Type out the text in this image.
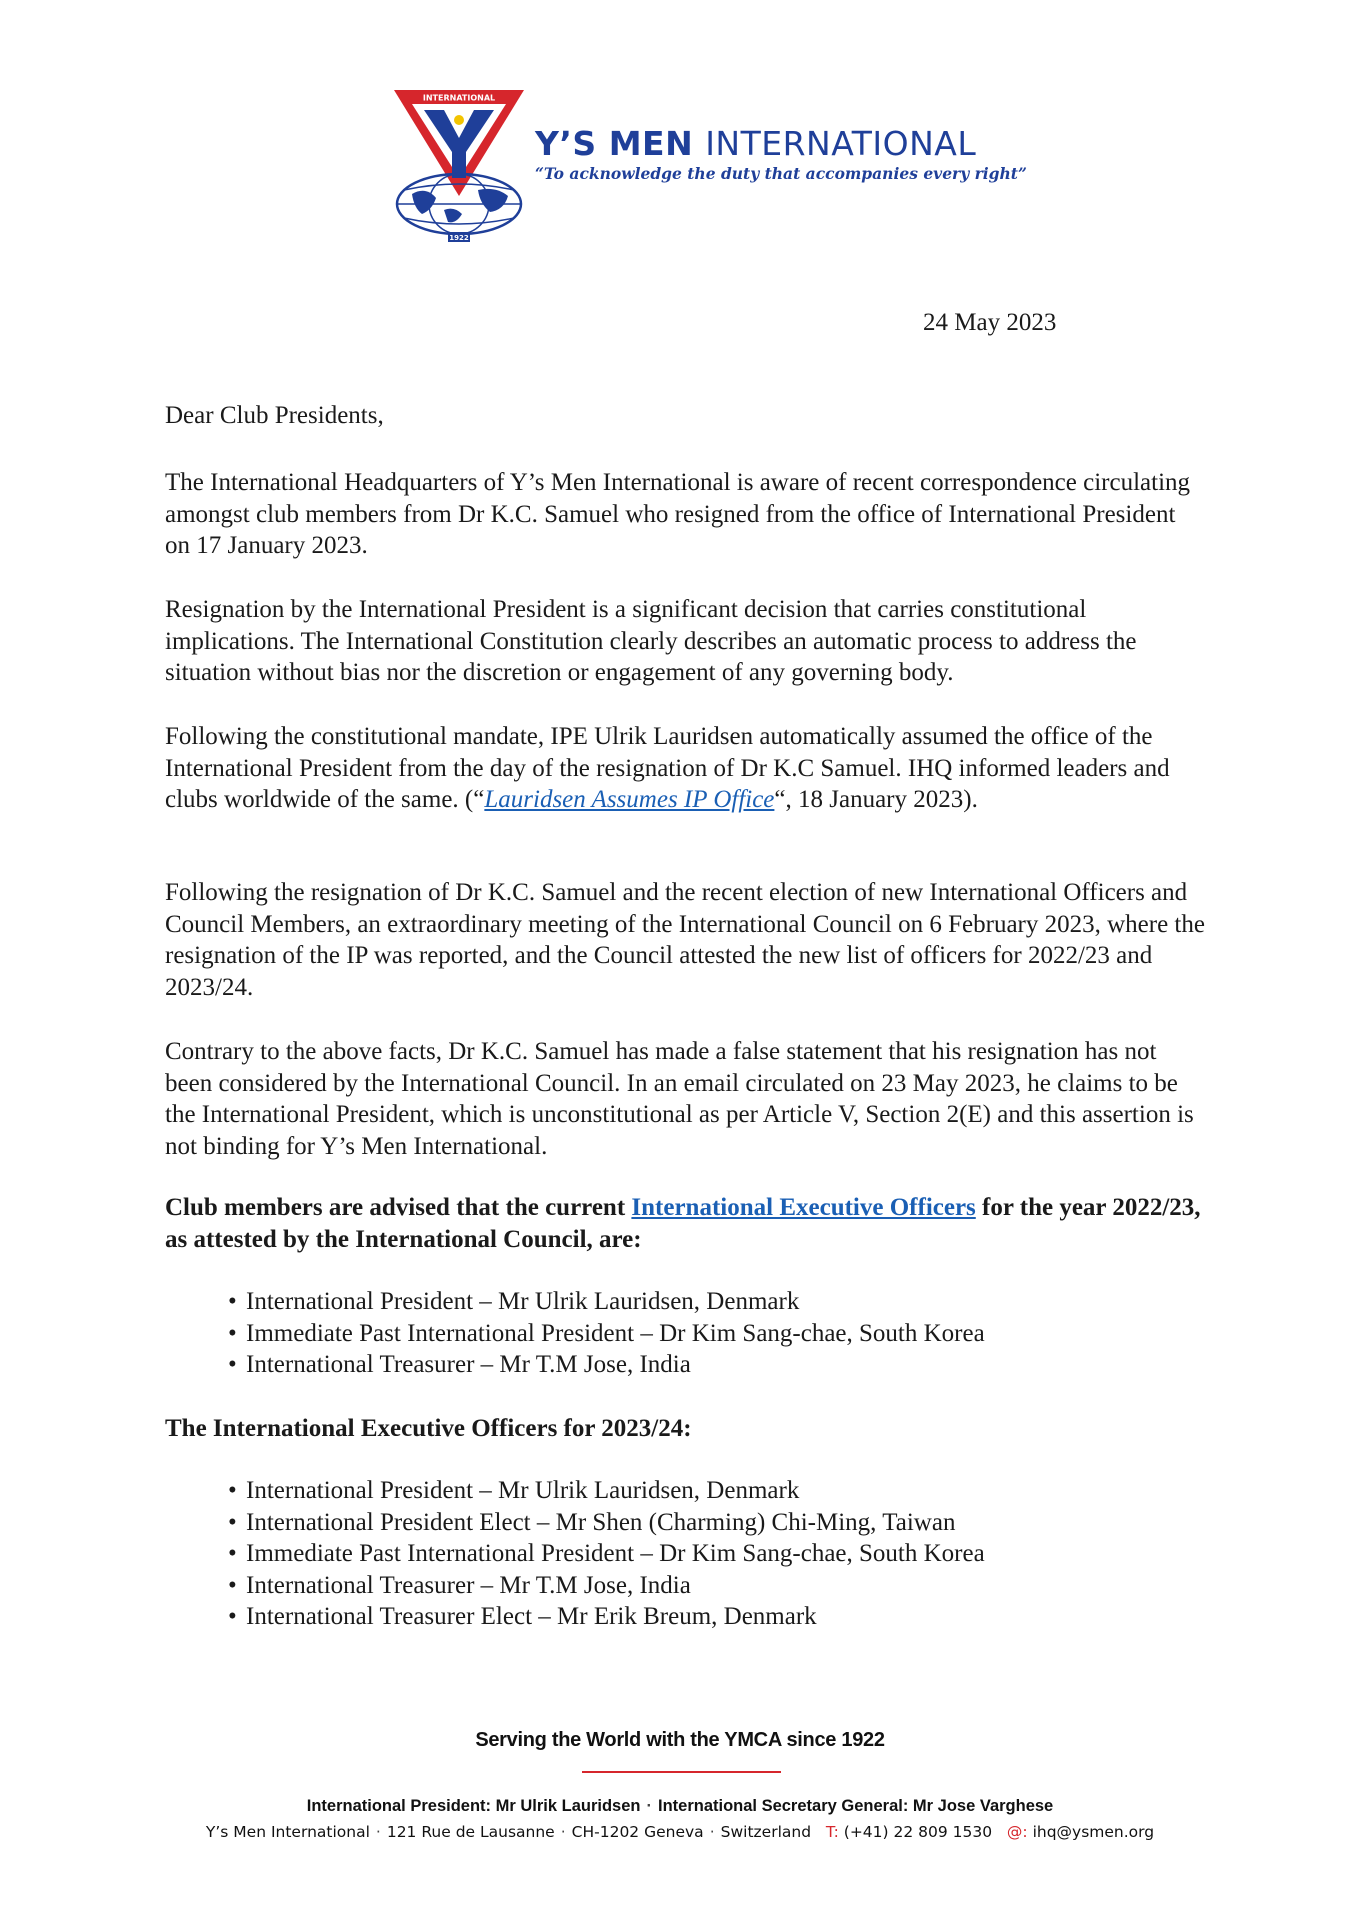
INTERNATIONAL
1922
Y’S MEN INTERNATIONAL
“To acknowledge the duty that accompanies every right”
24 May 2023
Dear Club Presidents,

The International Headquarters of Y’s Men International is aware of recent correspondence circulating amongst club members from Dr K.C. Samuel who resigned from the office of International President on 17 January 2023.

Resignation by the International President is a significant decision that carries constitutional implications. The International Constitution clearly describes an automatic process to address the situation without bias nor the discretion or engagement of any governing body.

Following the constitutional mandate, IPE Ulrik Lauridsen automatically assumed the office of the International President from the day of the resignation of Dr K.C Samuel. IHQ informed leaders and clubs worldwide of the same. (“Lauridsen Assumes IP Office“, 18 January 2023).

Following the resignation of Dr K.C. Samuel and the recent election of new International Officers and Council Members, an extraordinary meeting of the International Council on 6 February 2023, where the resignation of the IP was reported, and the Council attested the new list of officers for 2022/23 and 2023/24.

Contrary to the above facts, Dr K.C. Samuel has made a false statement that his resignation has not been considered by the International Council. In an email circulated on 23 May 2023, he claims to be the International President, which is unconstitutional as per Article V, Section 2(E) and this assertion is not binding for Y’s Men International.

Club members are advised that the current International Executive Officers for the year 2022/23, as attested by the International Council, are:

• International President – Mr Ulrik Lauridsen, Denmark
• Immediate Past International President – Dr Kim Sang-chae, South Korea
• International Treasurer – Mr T.M Jose, India

The International Executive Officers for 2023/24:

• International President – Mr Ulrik Lauridsen, Denmark
• International President Elect – Mr Shen (Charming) Chi-Ming, Taiwan
• Immediate Past International President – Dr Kim Sang-chae, South Korea
• International Treasurer – Mr T.M Jose, India
• International Treasurer Elect – Mr Erik Breum, Denmark
Serving the World with the YMCA since 1922
International President: Mr Ulrik Lauridsen · International Secretary General: Mr Jose Varghese
Y’s Men International · 121 Rue de Lausanne · CH-1202 Geneva · Switzerland T: (+41) 22 809 1530 @: ihq@ysmen.org
